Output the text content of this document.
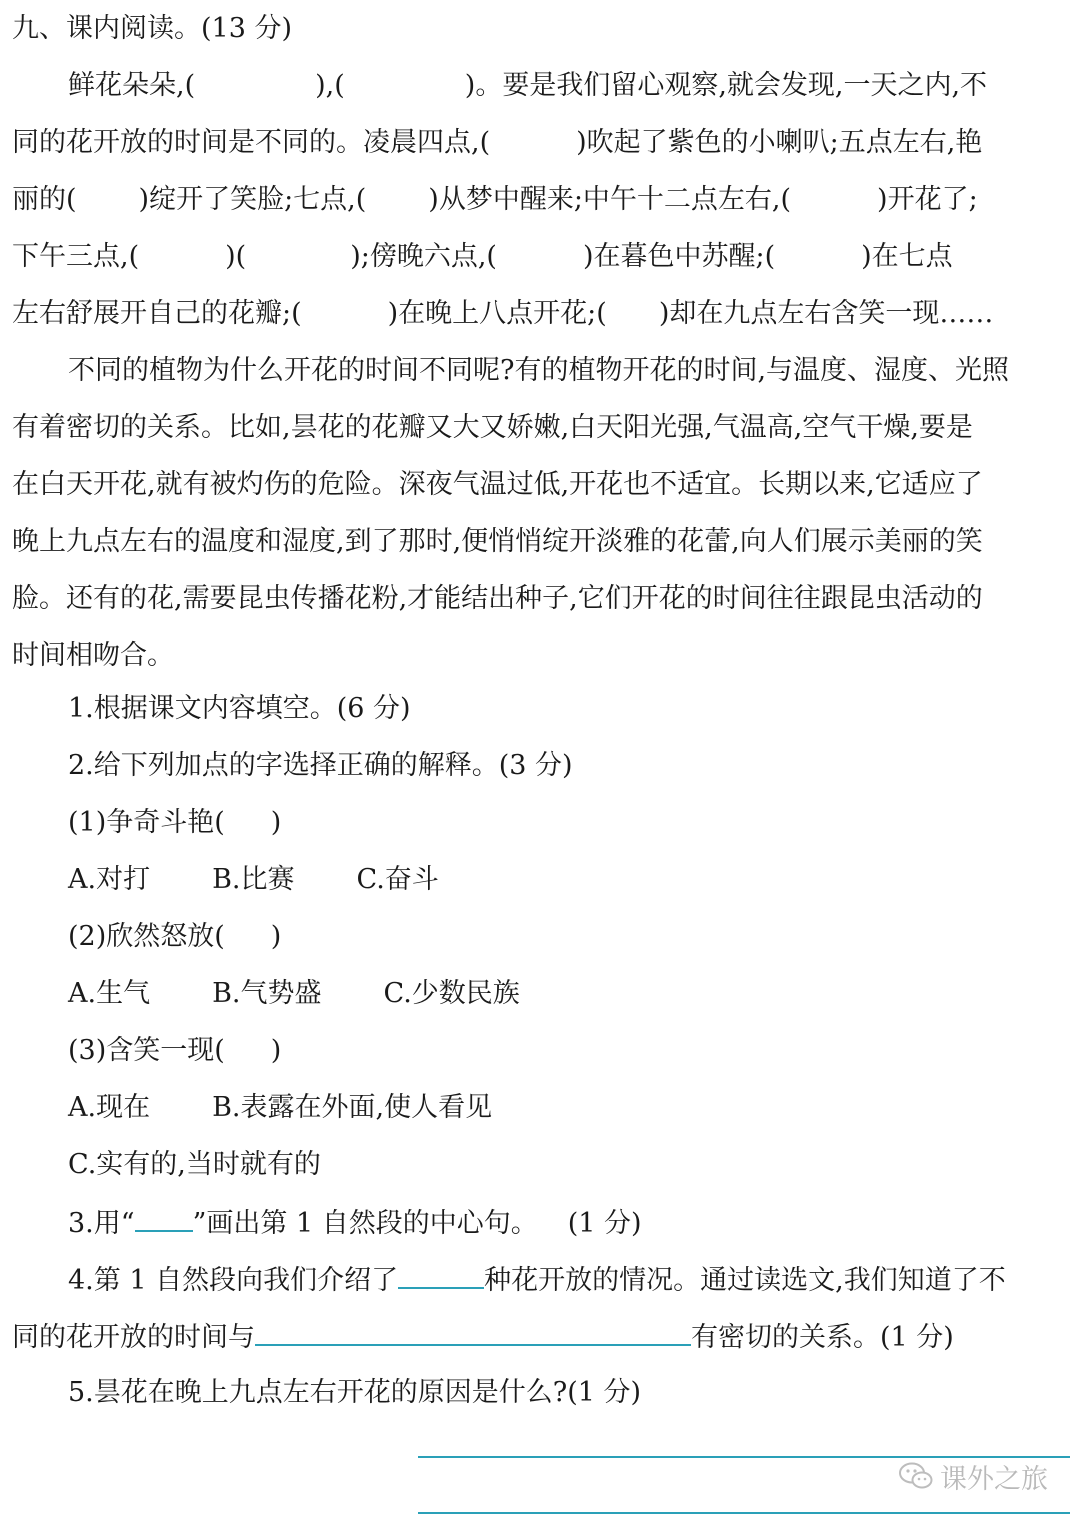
九、课内阅读。(13 分)
鲜花朵朵,(	),(	)。要是我们留心观察,就会发现,一天之内,不
同的花开放的时间是不同的。凌晨四点,(	)吹起了紫色的小喇叭;五点左右,艳
丽的( )绽开了笑脸;七点,( )从梦中醒来;中午十二点左右,(	)开花了;
下午三点,(	)(	);傍晚六点,(	)在暮色中苏醒;(	)在七点
左右舒展开自己的花瓣;(	)在晚上八点开花;( )却在九点左右含笑一现……
不同的植物为什么开花的时间不同呢?有的植物开花的时间,与温度、湿度、光照
有着密切的关系。比如,昙花的花瓣又大又娇嫩,白天阳光强,气温高,空气干燥,要是
在白天开花,就有被灼伤的危险。深夜气温过低,开花也不适宜。长期以来,它适应了
晚上九点左右的温度和湿度,到了那时,便悄悄绽开淡雅的花蕾,向人们展示美丽的笑
脸。还有的花,需要昆虫传播花粉,才能结出种子,它们开花的时间往往跟昆虫活动的
时间相吻合。
1.根据课文内容填空。(6 分)
2.给下列加点的字选择正确的解释。(3 分)
(1)争奇斗艳( )
A.对打 B.比赛 C.奋斗
(2)欣然怒放( )
A.生气 B.气势盛 C.少数民族
(3)含笑一现( )
A.现在 B.表露在外面,使人看见
C.实有的,当时就有的
3.用“ ”画出第 1 自然段的中心句。 (1 分)
4.第 1 自然段向我们介绍了	种花开放的情况。通过读选文,我们知道了不
同的花开放的时间与	有密切的关系。(1 分)
5.昙花在晚上九点左右开花的原因是什么?(1 分)
课外之旅
